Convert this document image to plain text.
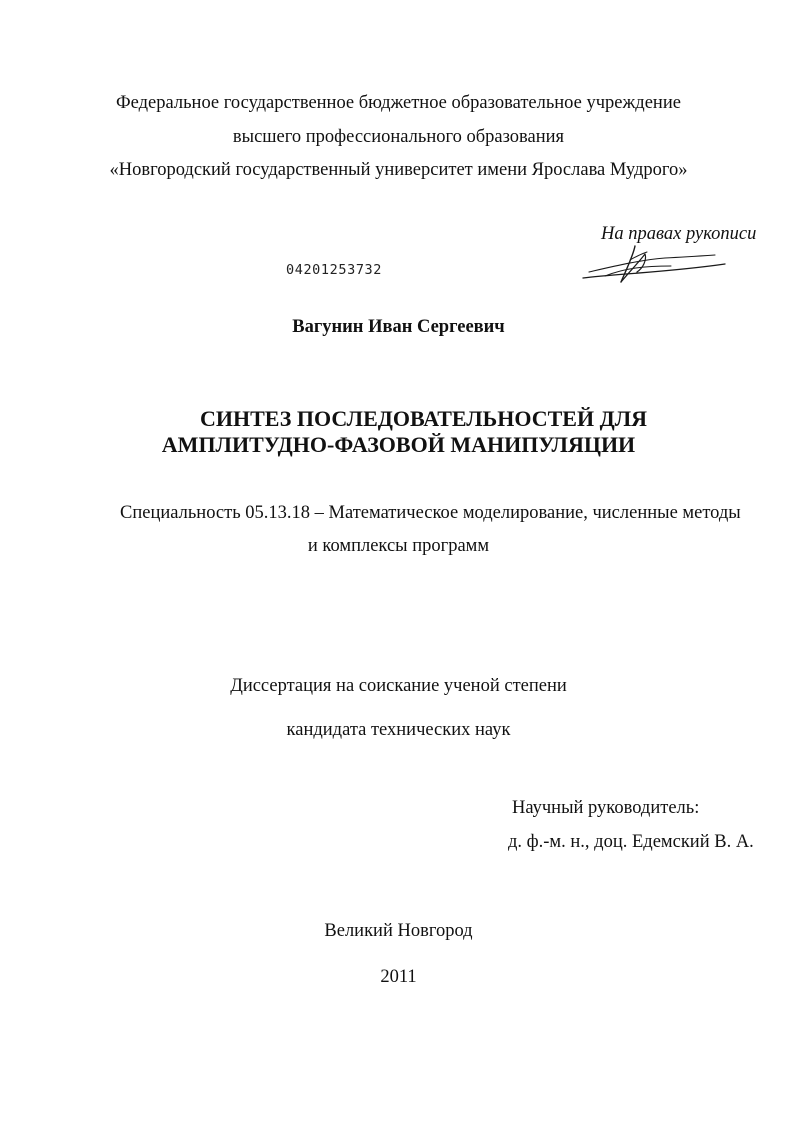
Федеральное государственное бюджетное образовательное учреждение
высшего профессионального образования
«Новгородский государственный университет имени Ярослава Мудрого»
На правах рукописи
04201253732
Вагунин Иван Сергеевич
СИНТЕЗ ПОСЛЕДОВАТЕЛЬНОСТЕЙ ДЛЯ
АМПЛИТУДНО-ФАЗОВОЙ МАНИПУЛЯЦИИ
Специальность 05.13.18 – Математическое моделирование, численные методы
и комплексы программ
Диссертация на соискание ученой степени
кандидата технических наук
Научный руководитель:
д. ф.-м. н., доц. Едемский В. А.
Великий Новгород
2011
